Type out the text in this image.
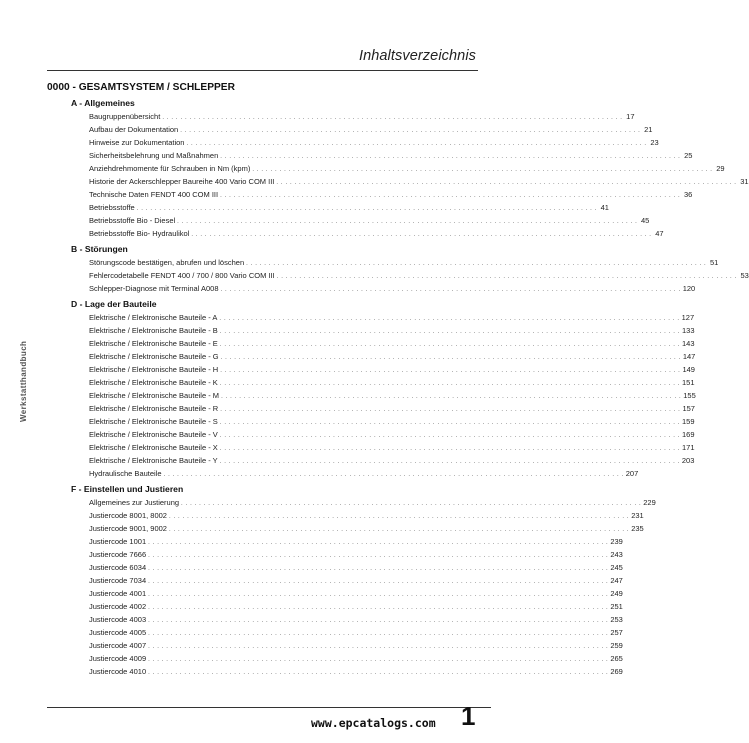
Inhaltsverzeichnis
Werkstatthandbuch
0000 - GESAMTSYSTEM / SCHLEPPER
A - Allgemeines
Baugruppenübersicht . . . . . . . . . . . . . . . . . . . . . . . . . . . . . . . . . . . . . . . . . . . . . . . . . . . . . . . . . . . . . . . . . . . . . . . . . . . . . . . . . . . . . . . . . . . . . . . . . . . . . . 17
Aufbau der Dokumentation . . . . . . . . . . . . . . . . . . . . . . . . . . . . . . . . . . . . . . . . . . . . . . . . . . . . . . . . . . . . . . . . . . . . . . . . . . . . . . . . . . . . . . . . . . . . . . . . . . . . . . 21
Hinweise zur Dokumentation . . . . . . . . . . . . . . . . . . . . . . . . . . . . . . . . . . . . . . . . . . . . . . . . . . . . . . . . . . . . . . . . . . . . . . . . . . . . . . . . . . . . . . . . . . . . . . . . . . . . . . 23
Sicherheitsbelehrung und Maßnahmen . . . . . . . . . . . . . . . . . . . . . . . . . . . . . . . . . . . . . . . . . . . . . . . . . . . . . . . . . . . . . . . . . . . . . . . . . . . . . . . . . . . . . . . . . . . . . . . . . . . . . . 25
Anziehdrehmomente für Schrauben in Nm (kpm) . . . . . . . . . . . . . . . . . . . . . . . . . . . . . . . . . . . . . . . . . . . . . . . . . . . . . . . . . . . . . . . . . . . . . . . . . . . . . . . . . . . . . . . . . . . . . . . . . . . . . . 29
Historie der Ackerschlepper Baureihe 400 Vario COM III . . . . . . . . . . . . . . . . . . . . . . . . . . . . . . . . . . . . . . . . . . . . . . . . . . . . . . . . . . . . . . . . . . . . . . . . . . . . . . . . . . . . . . . . . . . . . . . . . . . . . . 31
Technische Daten FENDT 400 COM III . . . . . . . . . . . . . . . . . . . . . . . . . . . . . . . . . . . . . . . . . . . . . . . . . . . . . . . . . . . . . . . . . . . . . . . . . . . . . . . . . . . . . . . . . . . . . . . . . . . . . . 36
Betriebsstoffe . . . . . . . . . . . . . . . . . . . . . . . . . . . . . . . . . . . . . . . . . . . . . . . . . . . . . . . . . . . . . . . . . . . . . . . . . . . . . . . . . . . . . . . . . . . . . . . . . . . . . . 41
Betriebsstoffe Bio - Diesel . . . . . . . . . . . . . . . . . . . . . . . . . . . . . . . . . . . . . . . . . . . . . . . . . . . . . . . . . . . . . . . . . . . . . . . . . . . . . . . . . . . . . . . . . . . . . . . . . . . . . . 45
Betriebsstoffe Bio- Hydraulikol . . . . . . . . . . . . . . . . . . . . . . . . . . . . . . . . . . . . . . . . . . . . . . . . . . . . . . . . . . . . . . . . . . . . . . . . . . . . . . . . . . . . . . . . . . . . . . . . . . . . . . 47
B - Störungen
Störungscode bestätigen, abrufen und löschen . . . . . . . . . . . . . . . . . . . . . . . . . . . . . . . . . . . . . . . . . . . . . . . . . . . . . . . . . . . . . . . . . . . . . . . . . . . . . . . . . . . . . . . . . . . . . . . . . . . . . . 51
Fehlercodetabelle FENDT 400 / 700 / 800 Vario COM III . . . . . . . . . . . . . . . . . . . . . . . . . . . . . . . . . . . . . . . . . . . . . . . . . . . . . . . . . . . . . . . . . . . . . . . . . . . . . . . . . . . . . . . . . . . . . . . . . . . . . . 53
Schlepper-Diagnose mit Terminal A008 . . . . . . . . . . . . . . . . . . . . . . . . . . . . . . . . . . . . . . . . . . . . . . . . . . . . . . . . . . . . . . . . . . . . . . . . . . . . . . . . . . . . . . . . . . . . . . . . . . . . . . 120
D - Lage der Bauteile
Elektrische / Elektronische Bauteile - A . . . . . . . . . . . . . . . . . . . . . . . . . . . . . . . . . . . . . . . . . . . . . . . . . . . . . . . . . . . . . . . . . . . . . . . . . . . . . . . . . . . . . . . . . . . . . . . . . . . . . . 127
Elektrische / Elektronische Bauteile - B . . . . . . . . . . . . . . . . . . . . . . . . . . . . . . . . . . . . . . . . . . . . . . . . . . . . . . . . . . . . . . . . . . . . . . . . . . . . . . . . . . . . . . . . . . . . . . . . . . . . . . 133
Elektrische / Elektronische Bauteile - E . . . . . . . . . . . . . . . . . . . . . . . . . . . . . . . . . . . . . . . . . . . . . . . . . . . . . . . . . . . . . . . . . . . . . . . . . . . . . . . . . . . . . . . . . . . . . . . . . . . . . . 143
Elektrische / Elektronische Bauteile - G . . . . . . . . . . . . . . . . . . . . . . . . . . . . . . . . . . . . . . . . . . . . . . . . . . . . . . . . . . . . . . . . . . . . . . . . . . . . . . . . . . . . . . . . . . . . . . . . . . . . . . 147
Elektrische / Elektronische Bauteile - H . . . . . . . . . . . . . . . . . . . . . . . . . . . . . . . . . . . . . . . . . . . . . . . . . . . . . . . . . . . . . . . . . . . . . . . . . . . . . . . . . . . . . . . . . . . . . . . . . . . . . . 149
Elektrische / Elektronische Bauteile - K . . . . . . . . . . . . . . . . . . . . . . . . . . . . . . . . . . . . . . . . . . . . . . . . . . . . . . . . . . . . . . . . . . . . . . . . . . . . . . . . . . . . . . . . . . . . . . . . . . . . . . 151
Elektrische / Elektronische Bauteile - M . . . . . . . . . . . . . . . . . . . . . . . . . . . . . . . . . . . . . . . . . . . . . . . . . . . . . . . . . . . . . . . . . . . . . . . . . . . . . . . . . . . . . . . . . . . . . . . . . . . . . . 155
Elektrische / Elektronische Bauteile - R . . . . . . . . . . . . . . . . . . . . . . . . . . . . . . . . . . . . . . . . . . . . . . . . . . . . . . . . . . . . . . . . . . . . . . . . . . . . . . . . . . . . . . . . . . . . . . . . . . . . . . 157
Elektrische / Elektronische Bauteile - S . . . . . . . . . . . . . . . . . . . . . . . . . . . . . . . . . . . . . . . . . . . . . . . . . . . . . . . . . . . . . . . . . . . . . . . . . . . . . . . . . . . . . . . . . . . . . . . . . . . . . . 159
Elektrische / Elektronische Bauteile - V . . . . . . . . . . . . . . . . . . . . . . . . . . . . . . . . . . . . . . . . . . . . . . . . . . . . . . . . . . . . . . . . . . . . . . . . . . . . . . . . . . . . . . . . . . . . . . . . . . . . . . 169
Elektrische / Elektronische Bauteile - X . . . . . . . . . . . . . . . . . . . . . . . . . . . . . . . . . . . . . . . . . . . . . . . . . . . . . . . . . . . . . . . . . . . . . . . . . . . . . . . . . . . . . . . . . . . . . . . . . . . . . . 171
Elektrische / Elektronische Bauteile - Y . . . . . . . . . . . . . . . . . . . . . . . . . . . . . . . . . . . . . . . . . . . . . . . . . . . . . . . . . . . . . . . . . . . . . . . . . . . . . . . . . . . . . . . . . . . . . . . . . . . . . . 203
Hydraulische Bauteile . . . . . . . . . . . . . . . . . . . . . . . . . . . . . . . . . . . . . . . . . . . . . . . . . . . . . . . . . . . . . . . . . . . . . . . . . . . . . . . . . . . . . . . . . . . . . . . . . . . . . . 207
F - Einstellen und Justieren
Allgemeines zur Justierung . . . . . . . . . . . . . . . . . . . . . . . . . . . . . . . . . . . . . . . . . . . . . . . . . . . . . . . . . . . . . . . . . . . . . . . . . . . . . . . . . . . . . . . . . . . . . . . . . . . . . . 229
Justiercode 8001, 8002 . . . . . . . . . . . . . . . . . . . . . . . . . . . . . . . . . . . . . . . . . . . . . . . . . . . . . . . . . . . . . . . . . . . . . . . . . . . . . . . . . . . . . . . . . . . . . . . . . . . . . . 231
Justiercode 9001, 9002 . . . . . . . . . . . . . . . . . . . . . . . . . . . . . . . . . . . . . . . . . . . . . . . . . . . . . . . . . . . . . . . . . . . . . . . . . . . . . . . . . . . . . . . . . . . . . . . . . . . . . . 235
Justiercode 1001 . . . . . . . . . . . . . . . . . . . . . . . . . . . . . . . . . . . . . . . . . . . . . . . . . . . . . . . . . . . . . . . . . . . . . . . . . . . . . . . . . . . . . . . . . . . . . . . . . . . . . . 239
Justiercode 7666 . . . . . . . . . . . . . . . . . . . . . . . . . . . . . . . . . . . . . . . . . . . . . . . . . . . . . . . . . . . . . . . . . . . . . . . . . . . . . . . . . . . . . . . . . . . . . . . . . . . . . . 243
Justiercode 6034 . . . . . . . . . . . . . . . . . . . . . . . . . . . . . . . . . . . . . . . . . . . . . . . . . . . . . . . . . . . . . . . . . . . . . . . . . . . . . . . . . . . . . . . . . . . . . . . . . . . . . . 245
Justiercode 7034 . . . . . . . . . . . . . . . . . . . . . . . . . . . . . . . . . . . . . . . . . . . . . . . . . . . . . . . . . . . . . . . . . . . . . . . . . . . . . . . . . . . . . . . . . . . . . . . . . . . . . . 247
Justiercode 4001 . . . . . . . . . . . . . . . . . . . . . . . . . . . . . . . . . . . . . . . . . . . . . . . . . . . . . . . . . . . . . . . . . . . . . . . . . . . . . . . . . . . . . . . . . . . . . . . . . . . . . . 249
Justiercode 4002 . . . . . . . . . . . . . . . . . . . . . . . . . . . . . . . . . . . . . . . . . . . . . . . . . . . . . . . . . . . . . . . . . . . . . . . . . . . . . . . . . . . . . . . . . . . . . . . . . . . . . . 251
Justiercode 4003 . . . . . . . . . . . . . . . . . . . . . . . . . . . . . . . . . . . . . . . . . . . . . . . . . . . . . . . . . . . . . . . . . . . . . . . . . . . . . . . . . . . . . . . . . . . . . . . . . . . . . . 253
Justiercode 4005 . . . . . . . . . . . . . . . . . . . . . . . . . . . . . . . . . . . . . . . . . . . . . . . . . . . . . . . . . . . . . . . . . . . . . . . . . . . . . . . . . . . . . . . . . . . . . . . . . . . . . . 257
Justiercode 4007 . . . . . . . . . . . . . . . . . . . . . . . . . . . . . . . . . . . . . . . . . . . . . . . . . . . . . . . . . . . . . . . . . . . . . . . . . . . . . . . . . . . . . . . . . . . . . . . . . . . . . . 259
Justiercode 4009 . . . . . . . . . . . . . . . . . . . . . . . . . . . . . . . . . . . . . . . . . . . . . . . . . . . . . . . . . . . . . . . . . . . . . . . . . . . . . . . . . . . . . . . . . . . . . . . . . . . . . . 265
Justiercode 4010 . . . . . . . . . . . . . . . . . . . . . . . . . . . . . . . . . . . . . . . . . . . . . . . . . . . . . . . . . . . . . . . . . . . . . . . . . . . . . . . . . . . . . . . . . . . . . . . . . . . . . . 269
www.epcatalogs.com 1
